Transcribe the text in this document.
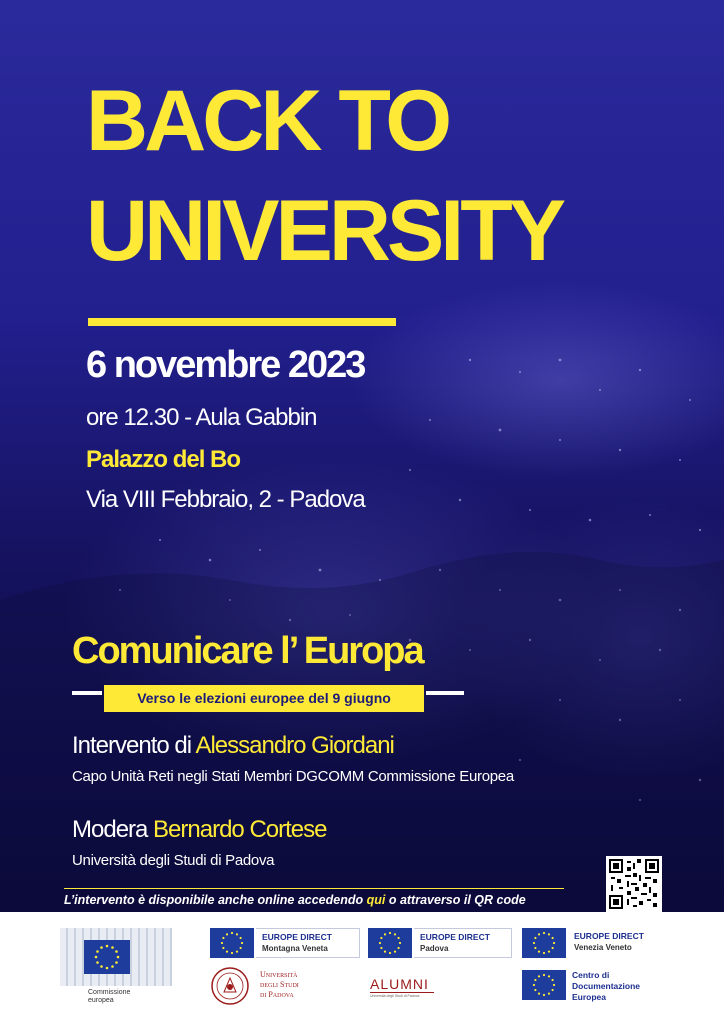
BACK TO
UNIVERSITY
6 novembre 2023
ore 12.30 - Aula Gabbin
Palazzo del Bo
Via VIII Febbraio, 2 - Padova
Comunicare l’ Europa
Verso le elezioni europee del 9 giugno
Intervento di Alessandro Giordani
Capo Unità Reti negli Stati Membri DGCOMM Commissione Europea
Modera Bernardo Cortese
Università degli Studi di Padova
L’intervento è disponibile anche online accedendo qui o attraverso il QR code
Commissione
europea
EUROPE DIRECT
Montagna Veneta
EUROPE DIRECT
Padova
EUROPE DIRECT
Venezia Veneto
Università
degli Studi
di Padova
ALUMNI
Università degli Studi di Padova
Centro di
Documentazione
Europea
